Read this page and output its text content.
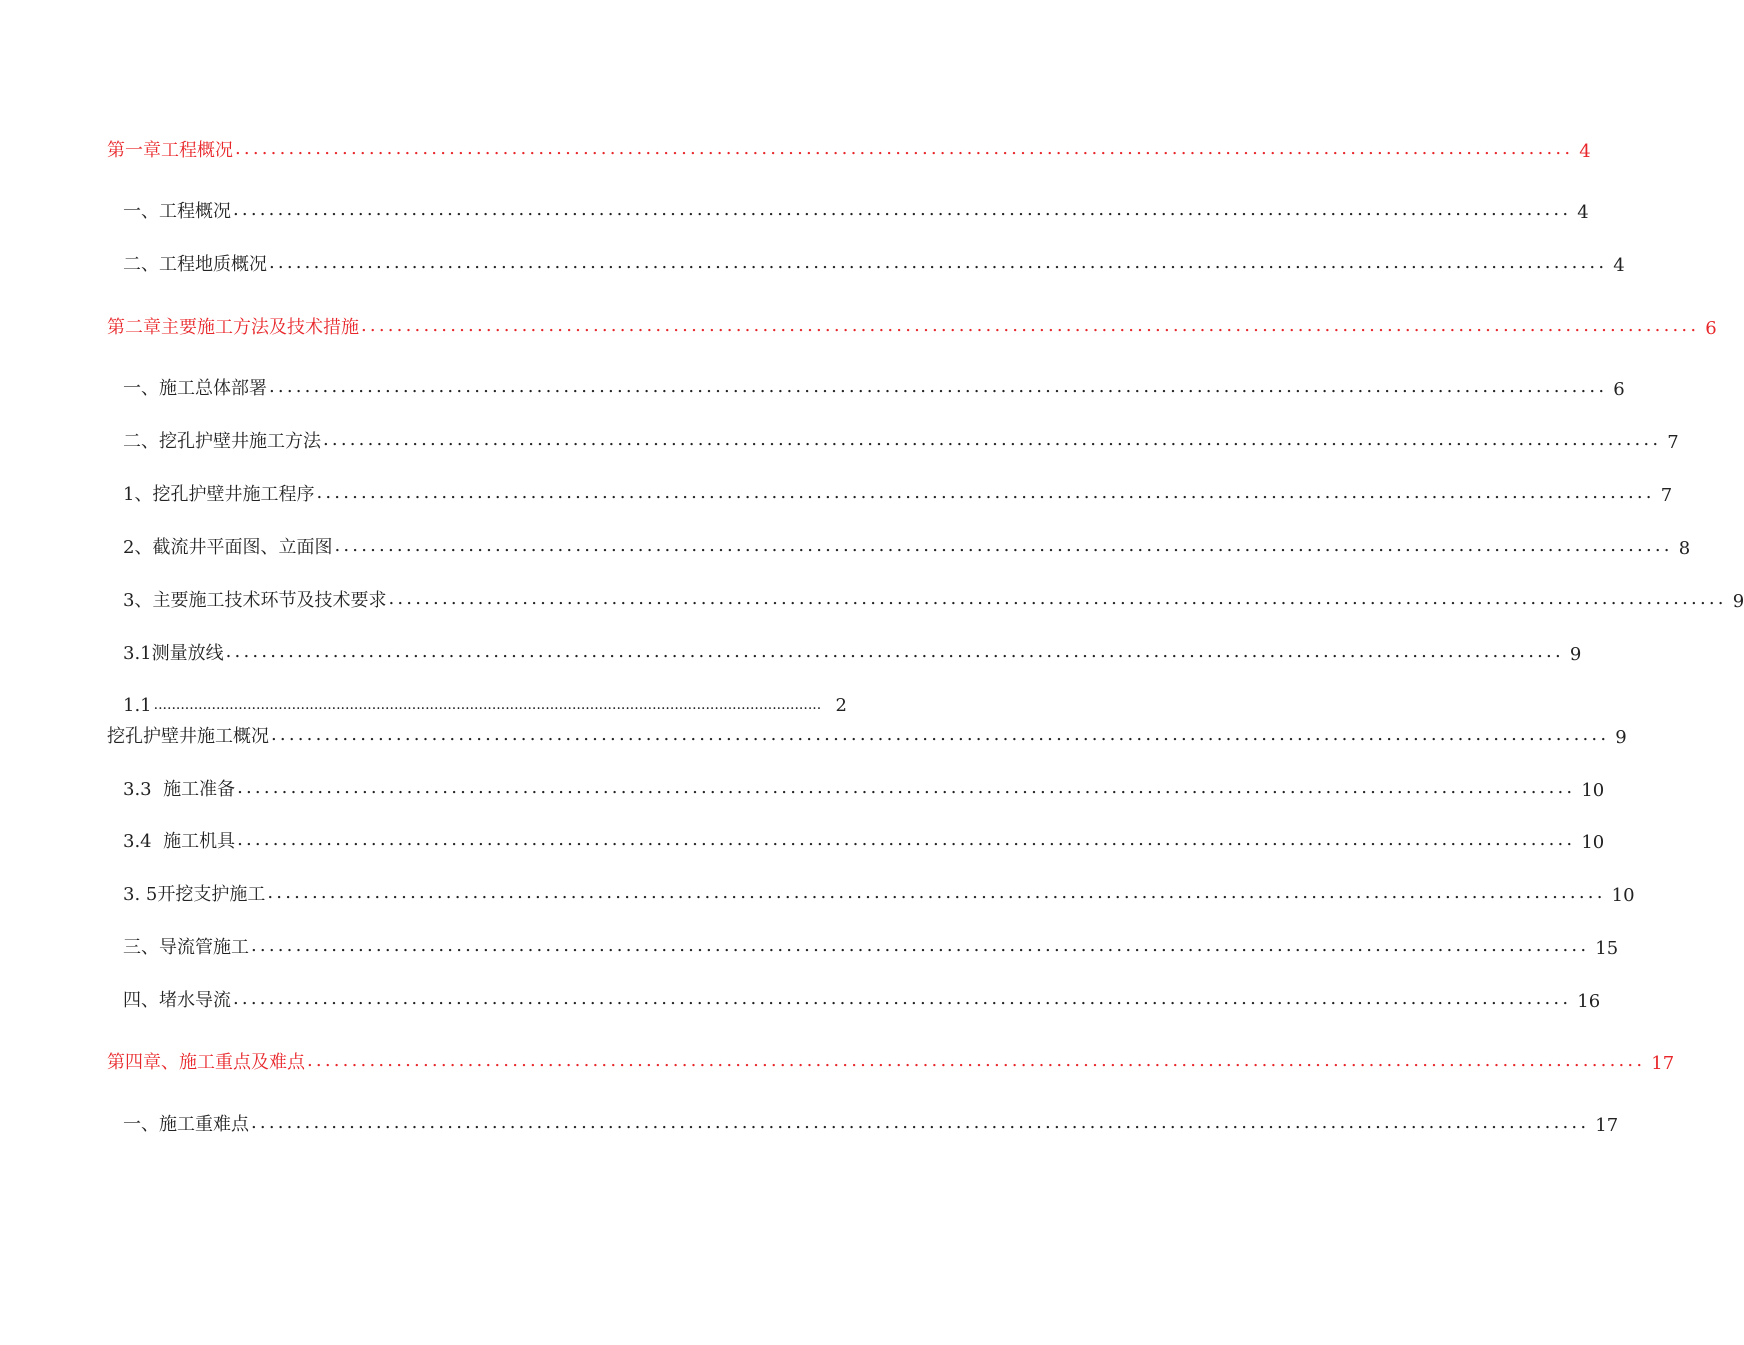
第一章工程概况 ...................................................................................................................................................... 4
一、工程概况 ...................................................................................................................................................... 4
二、工程地质概况 ...................................................................................................................................................... 4
第二章主要施工方法及技术措施 ...................................................................................................................................................... 6
一、施工总体部署 ...................................................................................................................................................... 6
二、挖孔护壁井施工方法 ...................................................................................................................................................... 7
1、挖孔护壁井施工程序 ...................................................................................................................................................... 7
2、截流井平面图、立面图 ...................................................................................................................................................... 8
3、主要施工技术环节及技术要求 ...................................................................................................................................................... 9
3.1测量放线 ...................................................................................................................................................... 9
1.1 ...................................................................................................................................................... 2
挖孔护壁井施工概况 ...................................................................................................................................................... 9
3.3  施工准备 ...................................................................................................................................................... 10
3.4  施工机具 ...................................................................................................................................................... 10
3. 5开挖支护施工 ...................................................................................................................................................... 10
三、导流管施工 ...................................................................................................................................................... 15
四、堵水导流 ...................................................................................................................................................... 16
第四章、施工重点及难点 ...................................................................................................................................................... 17
一、施工重难点 ...................................................................................................................................................... 17
